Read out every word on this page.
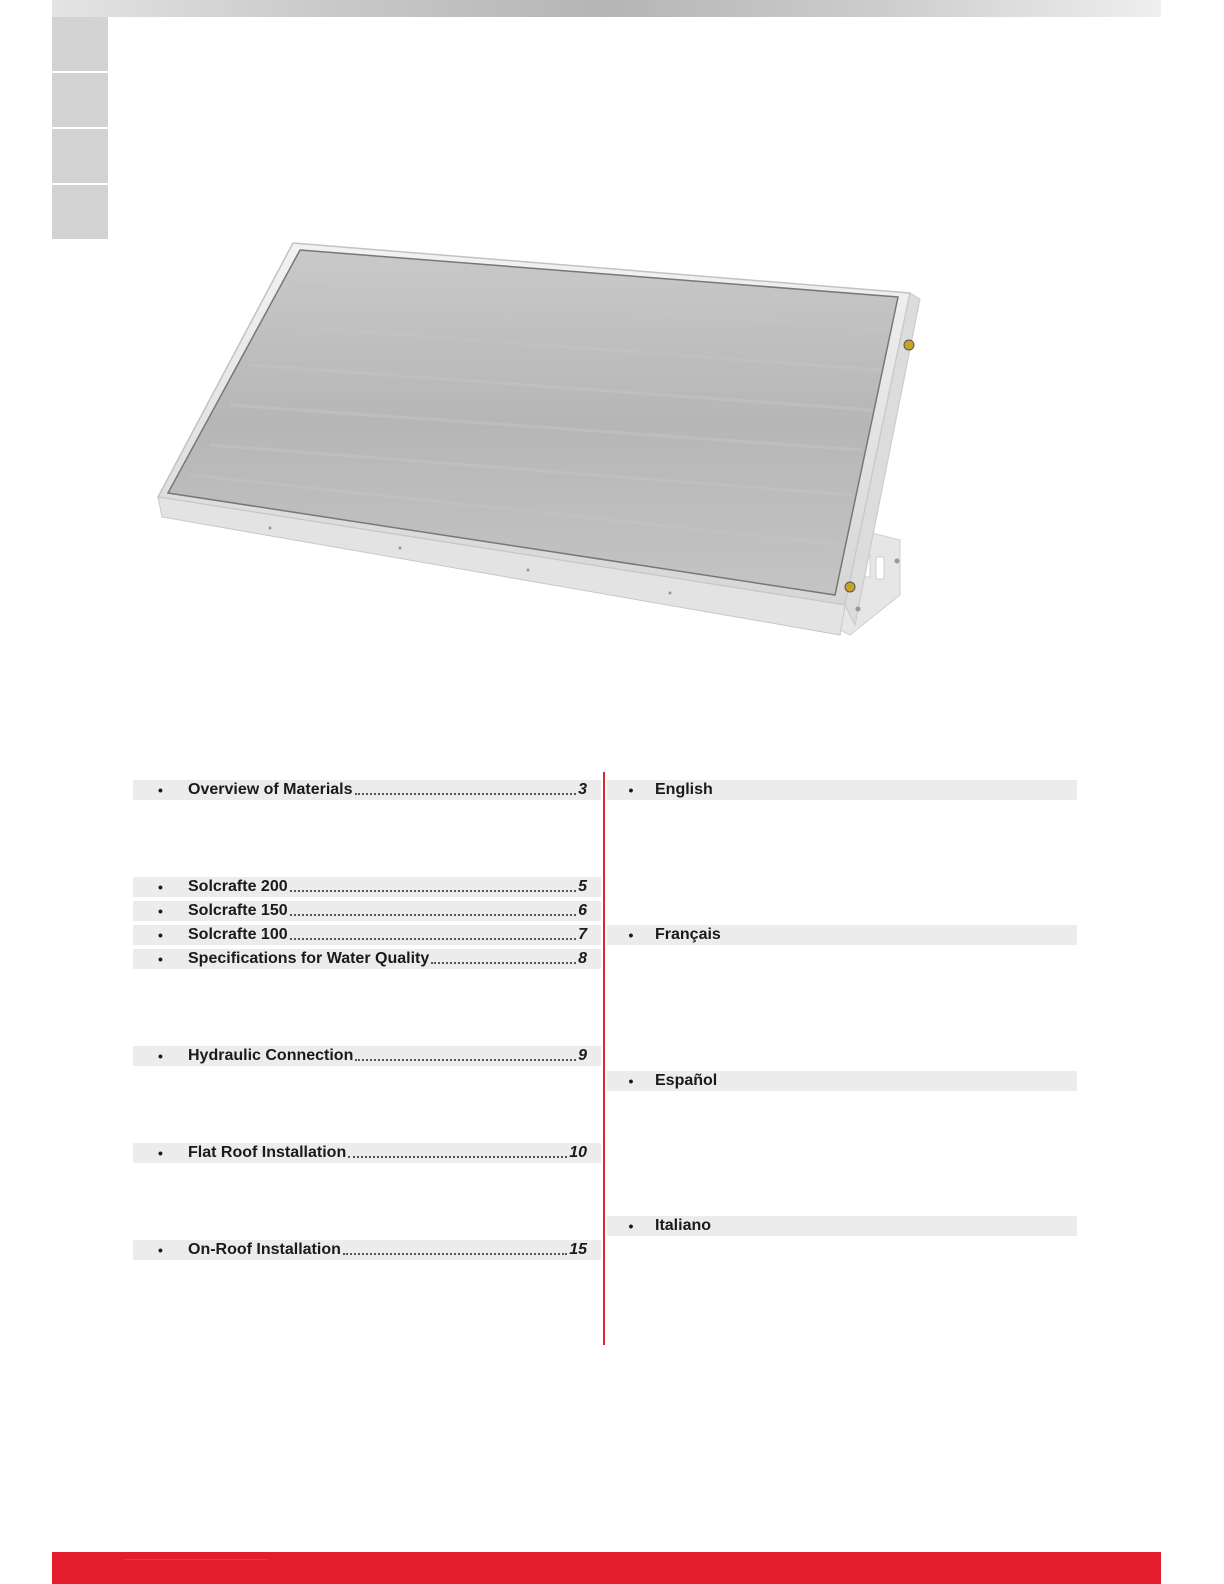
•	Overview of Materials	3
•	Solcrafte 200	5
•	Solcrafte 150	6
•	Solcrafte 100	7
•	Specifications for Water Quality	8
•	Hydraulic Connection	9
•	Flat Roof Installation	10
•	On-Roof Installation	15
•	English
•	Français
•	Español
•	Italiano
